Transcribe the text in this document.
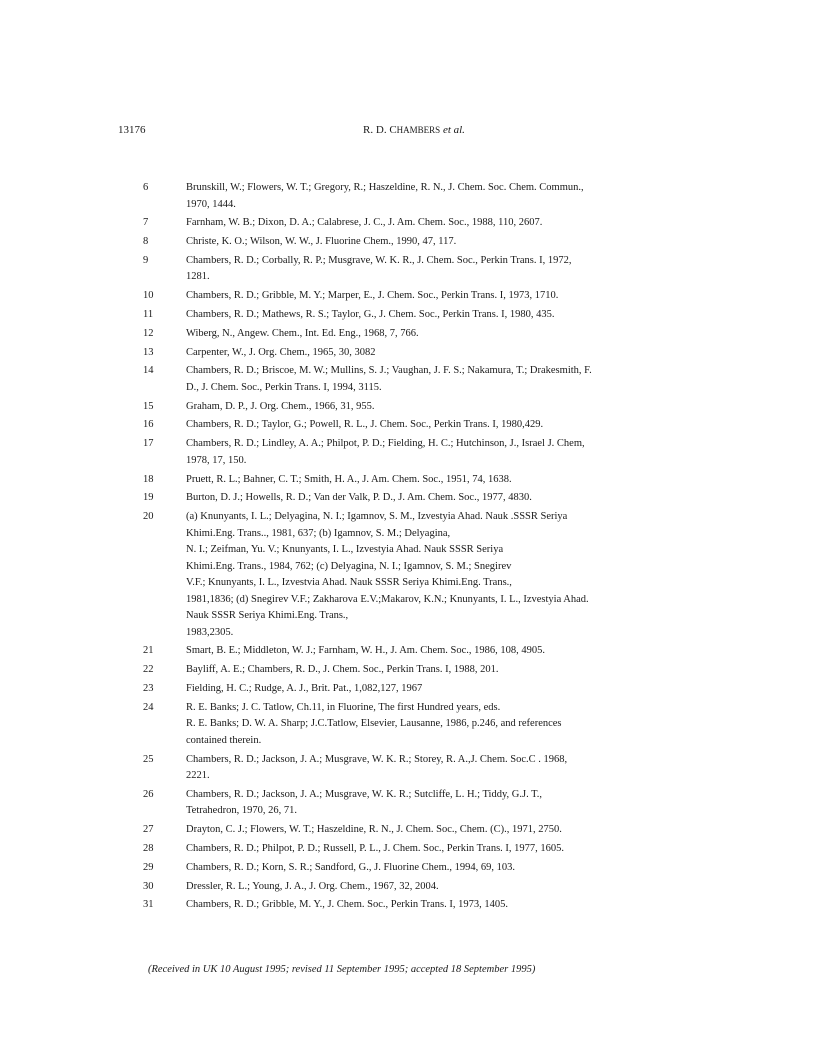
13176	R. D. CHAMBERS et al.
6	Brunskill, W.; Flowers, W. T.; Gregory, R.; Haszeldine, R. N., J. Chem. Soc. Chem. Commun.,
1970, 1444.
7	Farnham, W. B.; Dixon, D. A.; Calabrese, J. C., J. Am. Chem. Soc., 1988, 110, 2607.
8	Christe, K. O.; Wilson, W. W., J. Fluorine Chem., 1990, 47, 117.
9	Chambers, R. D.; Corbally, R. P.; Musgrave, W. K. R., J. Chem. Soc., Perkin Trans. I, 1972,
1281.
10	Chambers, R. D.; Gribble, M. Y.; Marper, E., J. Chem. Soc., Perkin Trans. I, 1973, 1710.
11	Chambers, R. D.; Mathews, R. S.; Taylor, G., J. Chem. Soc., Perkin Trans. I, 1980, 435.
12	Wiberg, N., Angew. Chem., Int. Ed. Eng., 1968, 7, 766.
13	Carpenter, W., J. Org. Chem., 1965, 30, 3082
14	Chambers, R. D.; Briscoe, M. W.; Mullins, S. J.; Vaughan, J. F. S.; Nakamura, T.; Drakesmith, F.
D., J. Chem. Soc., Perkin Trans. I, 1994, 3115.
15	Graham, D. P., J. Org. Chem., 1966, 31, 955.
16	Chambers, R. D.; Taylor, G.; Powell, R. L., J. Chem. Soc., Perkin Trans. I, 1980,429.
17	Chambers, R. D.; Lindley, A. A.; Philpot, P. D.; Fielding, H. C.; Hutchinson, J., Israel J. Chem,
1978, 17, 150.
18	Pruett, R. L.; Bahner, C. T.; Smith, H. A., J. Am. Chem. Soc., 1951, 74, 1638.
19	Burton, D. J.; Howells, R. D.; Van der Valk, P. D., J. Am. Chem. Soc., 1977, 4830.
20	(a) Knunyants, I. L.; Delyagina, N. I.; Igamnov, S. M., Izvestyia Ahad. Nauk .SSSR Seriya
Khimi.Eng. Trans.., 1981, 637; (b) Igamnov, S. M.; Delyagina,
N. I.; Zeifman, Yu. V.; Knunyants, I. L., Izvestyia Ahad. Nauk SSSR Seriya
Khimi.Eng. Trans., 1984, 762; (c) Delyagina, N. I.; Igamnov, S. M.; Snegirev
V.F.; Knunyants, I. L., Izvestvia Ahad. Nauk SSSR Seriya Khimi.Eng. Trans.,
1981,1836; (d) Snegirev V.F.; Zakharova E.V.;Makarov, K.N.; Knunyants, I. L., Izvestyia Ahad.
Nauk SSSR Seriya Khimi.Eng. Trans.,
1983,2305.
21	Smart, B. E.; Middleton, W. J.; Farnham, W. H., J. Am. Chem. Soc., 1986, 108, 4905.
22	Bayliff, A. E.; Chambers, R. D., J. Chem. Soc., Perkin Trans. I, 1988, 201.
23	Fielding, H. C.; Rudge, A. J., Brit. Pat., 1,082,127, 1967
24	R. E. Banks; J. C. Tatlow, Ch.11, in Fluorine, The first Hundred years, eds.
R. E. Banks; D. W. A. Sharp; J.C.Tatlow, Elsevier, Lausanne, 1986, p.246, and references
contained therein.
25	Chambers, R. D.; Jackson, J. A.; Musgrave, W. K. R.; Storey, R. A.,J. Chem. Soc.C . 1968,
2221.
26	Chambers, R. D.; Jackson, J. A.; Musgrave, W. K. R.; Sutcliffe, L. H.; Tiddy, G.J. T.,
Tetrahedron, 1970, 26, 71.
27	Drayton, C. J.; Flowers, W. T.; Haszeldine, R. N., J. Chem. Soc., Chem. (C)., 1971, 2750.
28	Chambers, R. D.; Philpot, P. D.; Russell, P. L., J. Chem. Soc., Perkin Trans. I, 1977, 1605.
29	Chambers, R. D.; Korn, S. R.; Sandford, G., J. Fluorine Chem., 1994, 69, 103.
30	Dressler, R. L.; Young, J. A., J. Org. Chem., 1967, 32, 2004.
31	Chambers, R. D.; Gribble, M. Y., J. Chem. Soc., Perkin Trans. I, 1973, 1405.
(Received in UK 10 August 1995; revised 11 September 1995; accepted 18 September 1995)
